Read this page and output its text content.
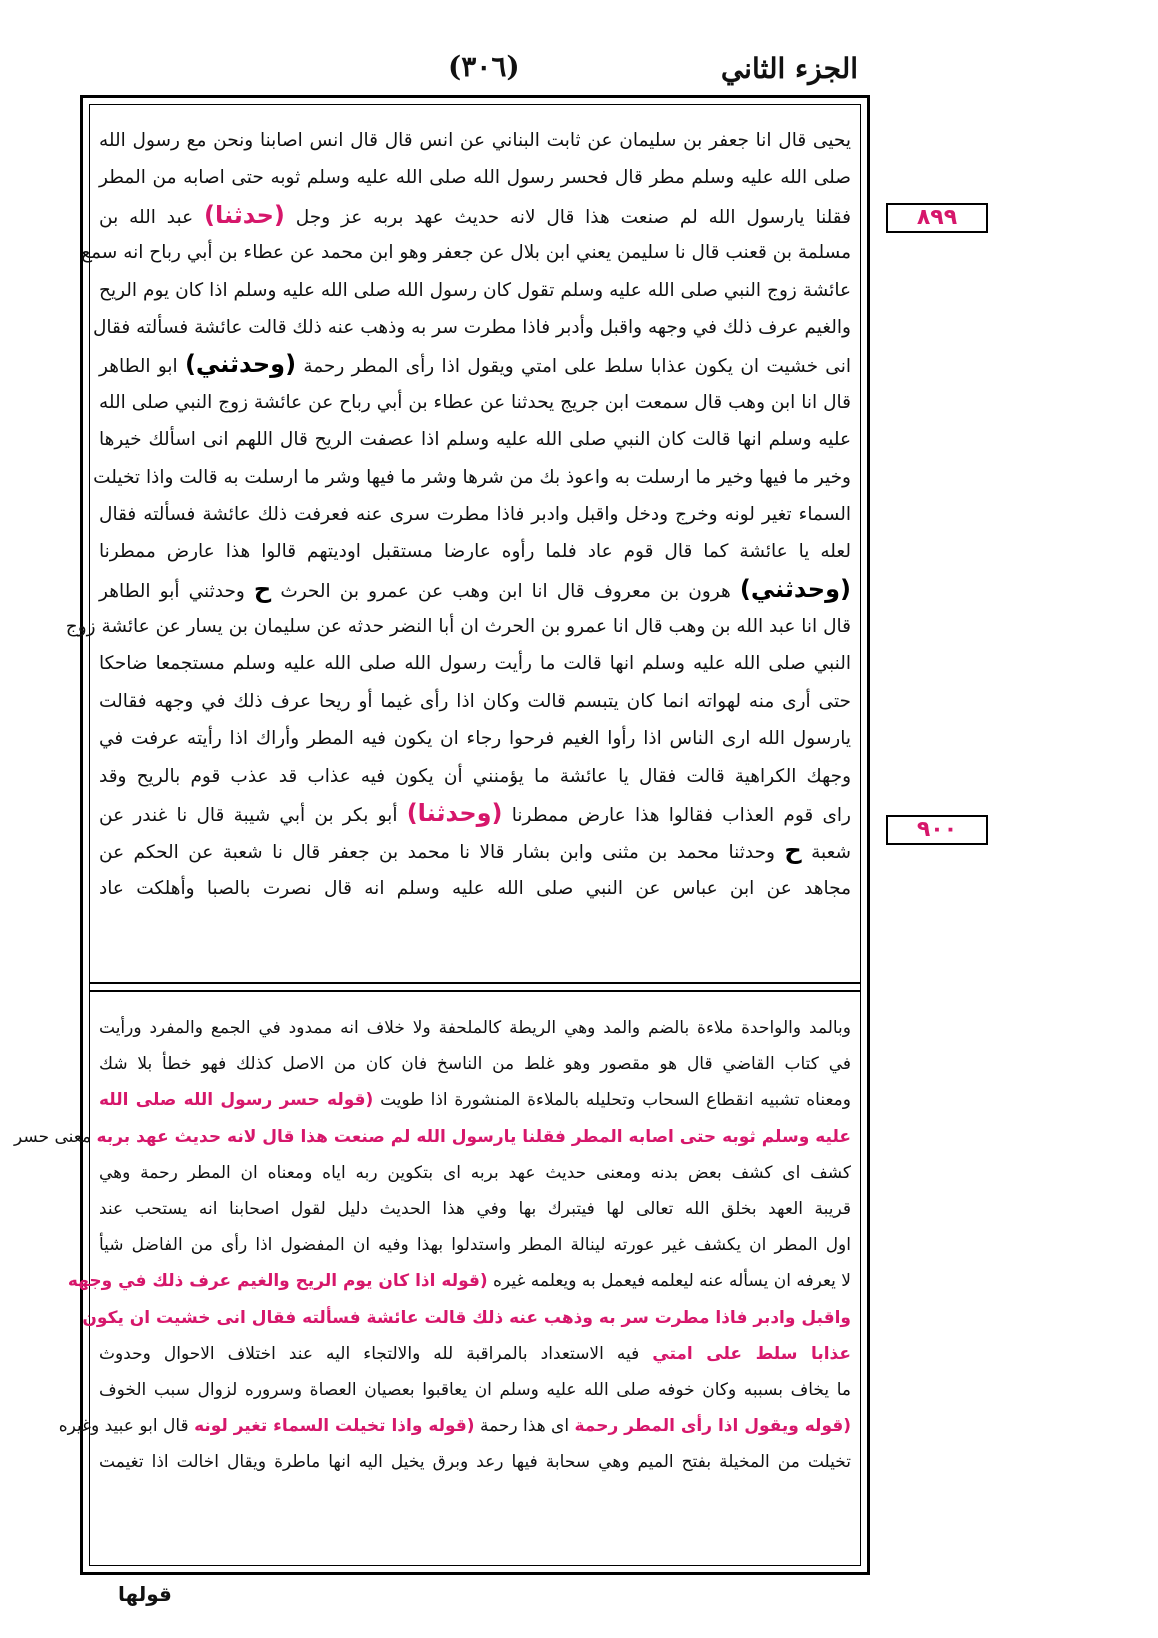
الجزء الثاني
(٣٠٦)
يحيى قال انا جعفر بن سليمان عن ثابت البناني عن انس قال قال انس اصابنا ونحن مع رسول الله
صلى الله عليه وسلم مطر قال فحسر رسول الله صلى الله عليه وسلم ثوبه حتى اصابه من المطر
فقلنا يارسول الله لم صنعت هذا قال لانه حديث عهد بربه عز وجل (حدثنا) عبد الله بن
مسلمة بن قعنب قال نا سليمن يعني ابن بلال عن جعفر وهو ابن محمد عن عطاء بن أبي رباح انه سمع
عائشة زوج النبي صلى الله عليه وسلم تقول كان رسول الله صلى الله عليه وسلم اذا كان يوم الريح
والغيم عرف ذلك في وجهه واقبل وأدبر فاذا مطرت سر به وذهب عنه ذلك قالت عائشة فسألته فقال
انى خشيت ان يكون عذابا سلط على امتي ويقول اذا رأى المطر رحمة (وحدثني) ابو الطاهر
قال انا ابن وهب قال سمعت ابن جريج يحدثنا عن عطاء بن أبي رباح عن عائشة زوج النبي صلى الله
عليه وسلم انها قالت كان النبي صلى الله عليه وسلم اذا عصفت الريح قال اللهم انى اسألك خيرها
وخير ما فيها وخير ما ارسلت به واعوذ بك من شرها وشر ما فيها وشر ما ارسلت به قالت واذا تخيلت
السماء تغير لونه وخرج ودخل واقبل وادبر فاذا مطرت سرى عنه فعرفت ذلك عائشة فسألته فقال
لعله يا عائشة كما قال قوم عاد فلما رأوه عارضا مستقبل اوديتهم قالوا هذا عارض ممطرنا
(وحدثني) هرون بن معروف قال انا ابن وهب عن عمرو بن الحرث ح وحدثني أبو الطاهر
قال انا عبد الله بن وهب قال انا عمرو بن الحرث ان أبا النضر حدثه عن سليمان بن يسار عن عائشة زوج
النبي صلى الله عليه وسلم انها قالت ما رأيت رسول الله صلى الله عليه وسلم مستجمعا ضاحكا
حتى أرى منه لهواته انما كان يتبسم قالت وكان اذا رأى غيما أو ريحا عرف ذلك في وجهه فقالت
يارسول الله ارى الناس اذا رأوا الغيم فرحوا رجاء ان يكون فيه المطر وأراك اذا رأيته عرفت في
وجهك الكراهية قالت فقال يا عائشة ما يؤمنني أن يكون فيه عذاب قد عذب قوم بالريح وقد
راى قوم العذاب فقالوا هذا عارض ممطرنا (وحدثنا) أبو بكر بن أبي شيبة قال نا غندر عن
شعبة ح وحدثنا محمد بن مثنى وابن بشار قالا نا محمد بن جعفر قال نا شعبة عن الحكم عن
مجاهد عن ابن عباس عن النبي صلى الله عليه وسلم انه قال نصرت بالصبا وأهلكت عاد
وبالمد والواحدة ملاءة بالضم والمد وهي الريطة كالملحفة ولا خلاف انه ممدود في الجمع والمفرد ورأيت
في كتاب القاضي قال هو مقصور وهو غلط من الناسخ فان كان من الاصل كذلك فهو خطأ بلا شك
ومعناه تشبيه انقطاع السحاب وتحليله بالملاءة المنشورة اذا طويت (قوله حسر رسول الله صلى الله
عليه وسلم ثوبه حتى اصابه المطر فقلنا يارسول الله لم صنعت هذا قال لانه حديث عهد بربه معنى حسر
كشف اى كشف بعض بدنه ومعنى حديث عهد بربه اى بتكوين ربه اياه ومعناه ان المطر رحمة وهي
قريبة العهد بخلق الله تعالى لها فيتبرك بها وفي هذا الحديث دليل لقول اصحابنا انه يستحب عند
اول المطر ان يكشف غير عورته لينالة المطر واستدلوا بهذا وفيه ان المفضول اذا رأى من الفاضل شيأ
لا يعرفه ان يسأله عنه ليعلمه فيعمل به ويعلمه غيره (قوله اذا كان يوم الريح والغيم عرف ذلك في وجهه
واقبل وادبر فاذا مطرت سر به وذهب عنه ذلك قالت عائشة فسألته فقال انى خشيت ان يكون
عذابا سلط على امتي فيه الاستعداد بالمراقبة لله والالتجاء اليه عند اختلاف الاحوال وحدوث
ما يخاف بسببه وكان خوفه صلى الله عليه وسلم ان يعاقبوا بعصيان العصاة وسروره لزوال سبب الخوف
(قوله ويقول اذا رأى المطر رحمة اى هذا رحمة (قوله واذا تخيلت السماء تغير لونه قال ابو عبيد وغيره
تخيلت من المخيلة بفتح الميم وهي سحابة فيها رعد وبرق يخيل اليه انها ماطرة ويقال اخالت اذا تغيمت
٨٩٩
٩٠٠
قولها
